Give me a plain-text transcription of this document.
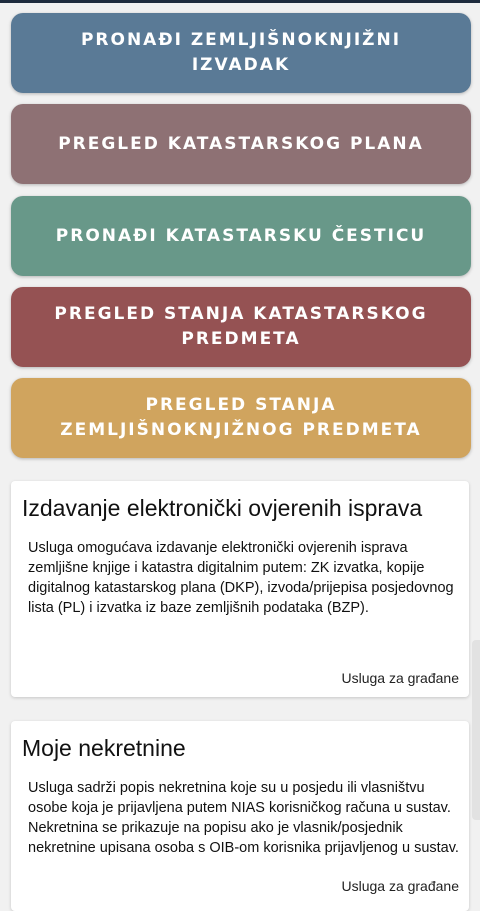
PRONAĐI ZEMLJIŠNOKNJIŽNI IZVADAK
PREGLED KATASTARSKOG PLANA
PRONAĐI KATASTARSKU ČESTICU
PREGLED STANJA KATASTARSKOG PREDMETA
PREGLED STANJA ZEMLJIŠNOKNJIŽNOG PREDMETA
Izdavanje elektronički ovjerenih isprava

Usluga omogućava izdavanje elektronički ovjerenih isprava zemljišne knjige i katastra digitalnim putem: ZK izvatka, kopije digitalnog katastarskog plana (DKP), izvoda/prijepisa posjedovnog lista (PL) i izvatka iz baze zemljišnih podataka (BZP).

Usluga za građane
Moje nekretnine

Usluga sadrži popis nekretnina koje su u posjedu ili vlasništvu osobe koja je prijavljena putem NIAS korisničkog računa u sustav. Nekretnina se prikazuje na popisu ako je vlasnik/posjednik nekretnine upisana osoba s OIB-om korisnika prijavljenog u sustav.

Usluga za građane
